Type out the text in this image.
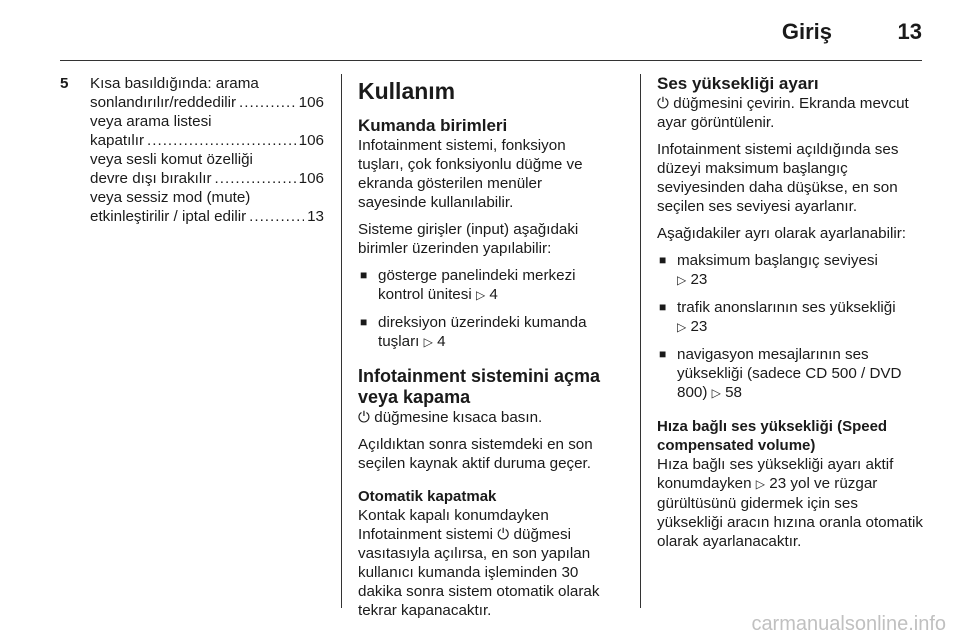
Giriş	13
5 Kısa basıldığında: arama
sonlandırılır/reddedilir .....	106
veya arama listesi
kapatılır .....	106
veya sesli komut özelliği
devre dışı bırakılır .....	106
veya sessiz mod (mute)
etkinleştirilir / iptal edilir .....	13
Kullanım
Kumanda birimleri

Infotainment sistemi, fonksiyon tuşları, çok fonksiyonlu düğme ve ekranda gösterilen menüler sayesinde kullanılabilir.

Sisteme girişler (input) aşağıdaki birimler üzerinden yapılabilir:

■ gösterge panelindeki merkezi kontrol ünitesi ▷ 4
■ direksiyon üzerindeki kumanda tuşları ▷ 4
Infotainment sistemini açma veya kapama

⏻ düğmesine kısaca basın.

Açıldıktan sonra sistemdeki en son seçilen kaynak aktif duruma geçer.

Otomatik kapatmak

Kontak kapalı konumdayken Infotainment sistemi ⏻ düğmesi vasıtasıyla açılırsa, en son yapılan kullanıcı kumanda işleminden 30 dakika sonra sistem otomatik olarak tekrar kapanacaktır.

Ses yüksekliği ayarı

⏻ düğmesini çevirin. Ekranda mevcut ayar görüntülenir.

Infotainment sistemi açıldığında ses düzeyi maksimum başlangıç seviyesinden daha düşükse, en son seçilen ses seviyesi ayarlanır.

Aşağıdakiler ayrı olarak ayarlanabilir:

■ maksimum başlangıç seviyesi
▷ 23
■ trafik anonslarının ses yüksekliği
▷ 23
■ navigasyon mesajlarının ses yüksekliği (sadece CD 500 / DVD 800) ▷ 58
Hıza bağlı ses yüksekliği (Speed compensated volume)

Hıza bağlı ses yüksekliği ayarı aktif konumdayken ▷ 23 yol ve rüzgar gürültüsünü gidermek için ses yüksekliği aracın hızına oranla otomatik olarak ayarlanacaktır.

carmanualsonline.info
